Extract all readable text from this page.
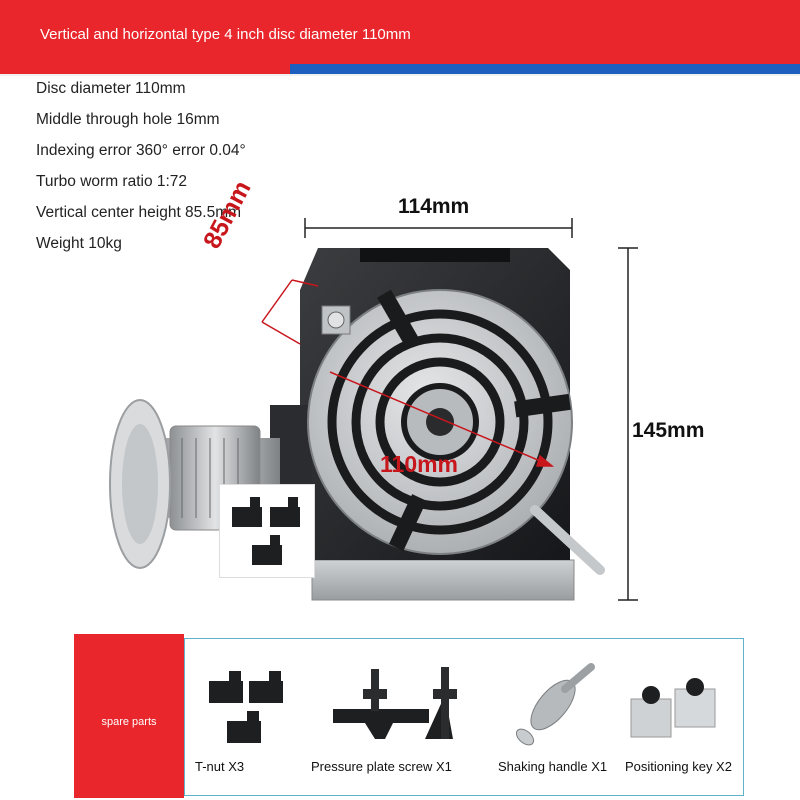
Vertical and horizontal type 4 inch disc diameter 110mm
Disc diameter 110mm
Middle through hole 16mm
Indexing error 360° error 0.04°
Turbo worm ratio 1:72
Vertical center height 85.5mm
Weight 10kg
114mm
145mm
110mm
85mm
spare parts
T-nut X3	Pressure plate screw X1	Shaking handle X1 Positioning key X2
